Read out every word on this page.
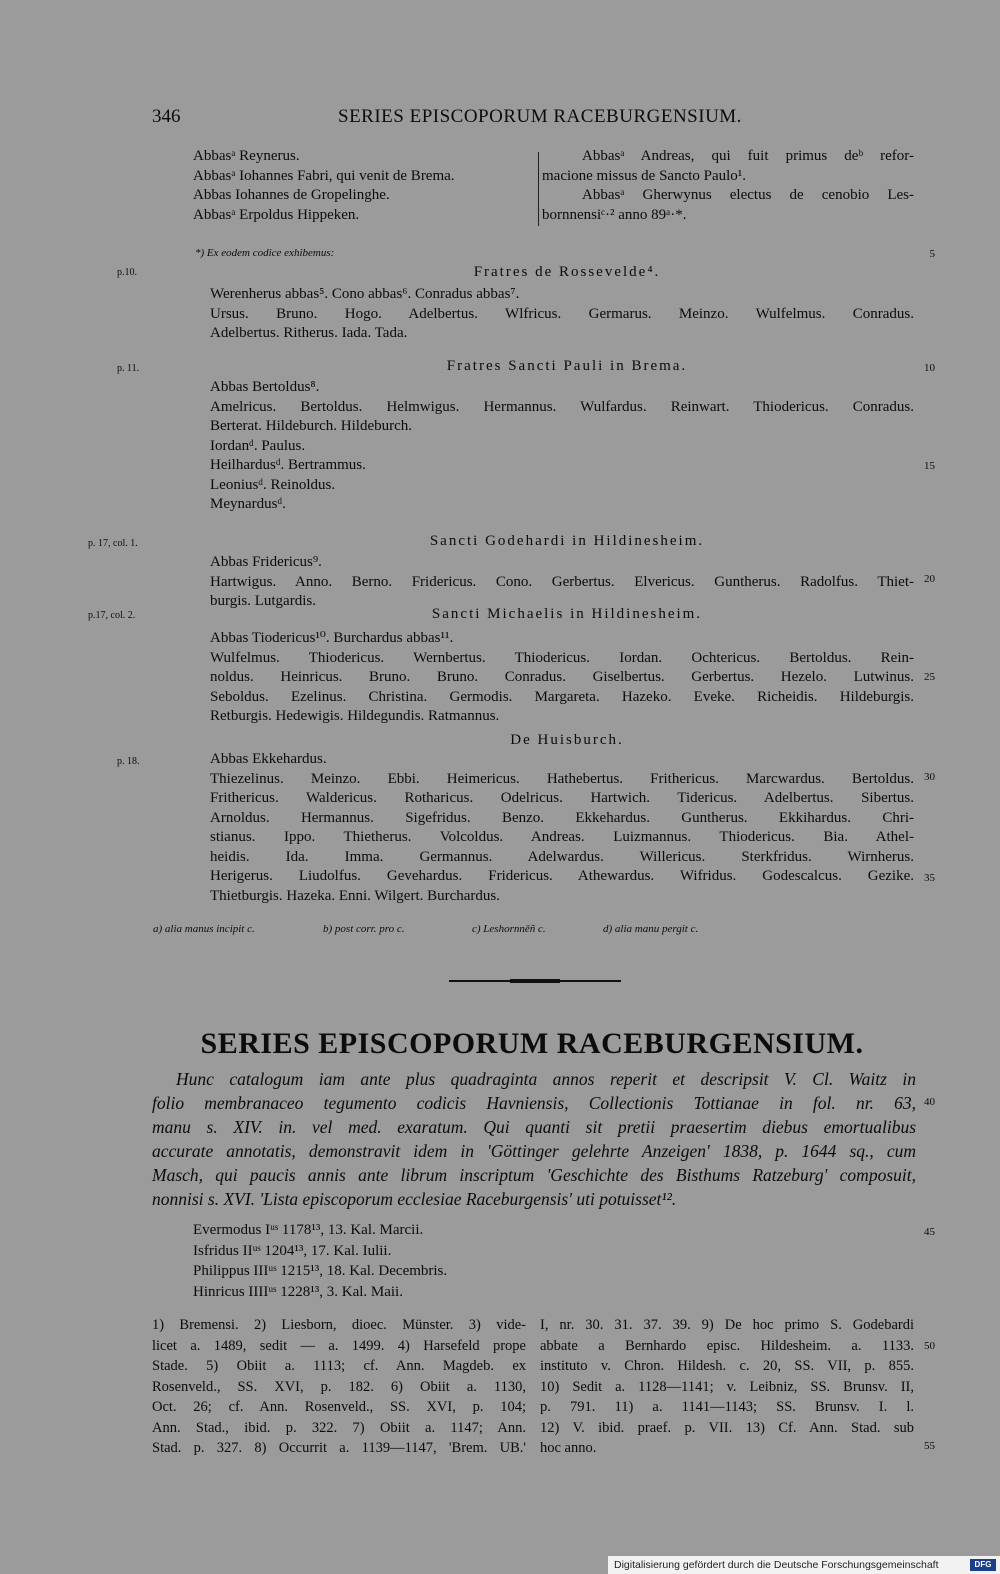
346	SERIES EPISCOPORUM RACEBURGENSIUM.
Abbasᵃ Reynerus.
Abbasᵃ Iohannes Fabri, qui venit de Brema.
Abbas Iohannes de Gropelinghe.
Abbasᵃ Erpoldus Hippeken.
Abbasᵃ Andreas, qui fuit primus deᵇ refor-
macione missus de Sancto Paulo¹.
Abbasᵃ Gherwynus electus de cenobio Les-
bornnensiᶜ·² anno 89ᵃ·*.
*) Ex eodem codice exhibemus:
p.10.	Fratres de Rossevelde⁴.
Werenherus abbas⁵. Cono abbas⁶. Conradus abbas⁷.
Ursus. Bruno. Hogo. Adelbertus. Wlfricus. Germarus. Meinzo. Wulfelmus. Conradus.
Adelbertus. Ritherus. Iada. Tada.
p. 11.	Fratres Sancti Pauli in Brema.
Abbas Bertoldus⁸.
Amelricus. Bertoldus. Helmwigus. Hermannus. Wulfardus. Reinwart. Thiodericus. Conradus.
Berterat. Hildeburch. Hildeburch.
Iordanᵈ. Paulus.
Heilhardusᵈ. Bertrammus.
Leoniusᵈ. Reinoldus.
Meynardusᵈ.
p. 17, col. 1.	Sancti Godehardi in Hildinesheim.
Abbas Fridericus⁹.
Hartwigus. Anno. Berno. Fridericus. Cono. Gerbertus. Elvericus. Guntherus. Radolfus. Thiet-
burgis. Lutgardis.
p.17, col. 2.	Sancti Michaelis in Hildinesheim.
Abbas Tiodericus¹⁰. Burchardus abbas¹¹.
Wulfelmus. Thiodericus. Wernbertus. Thiodericus. Iordan. Ochtericus. Bertoldus. Rein-
noldus. Heinricus. Bruno. Bruno. Conradus. Giselbertus. Gerbertus. Hezelo. Lutwinus.
Seboldus. Ezelinus. Christina. Germodis. Margareta. Hazeko. Eveke. Richeidis. Hildeburgis.
Retburgis. Hedewigis. Hildegundis. Ratmannus.
p. 18.
De Huisburch.
Abbas Ekkehardus.
Thiezelinus. Meinzo. Ebbi. Heimericus. Hathebertus. Frithericus. Marcwardus. Bertoldus.
Frithericus. Waldericus. Rotharicus. Odelricus. Hartwich. Tidericus. Adelbertus. Sibertus.
Arnoldus. Hermannus. Sigefridus. Benzo. Ekkehardus. Guntherus. Ekkihardus. Chri-
stianus. Ippo. Thietherus. Volcoldus. Andreas. Luizmannus. Thiodericus. Bia. Athel-
heidis. Ida. Imma. Germannus. Adelwardus. Willericus. Sterkfridus. Wirnherus.
Herigerus. Liudolfus. Gevehardus. Fridericus. Athewardus. Wifridus. Godescalcus. Gezike.
Thietburgis. Hazeka. Enni. Wilgert. Burchardus.
a) alia manus incipit c.	b) post corr. pro c.	c) Leshornnēñ c.	d) alia manu pergit c.
SERIES EPISCOPORUM RACEBURGENSIUM.
Hunc catalogum iam ante plus quadraginta annos reperit et descripsit V. Cl. Waitz in
folio membranaceo tegumento codicis Havniensis, Collectionis Tottianae in fol. nr. 63,
manu s. XIV. in. vel med. exaratum. Qui quanti sit pretii praesertim diebus emortualibus
accurate annotatis, demonstravit idem in 'Göttinger gelehrte Anzeigen' 1838, p. 1644 sq., cum
Masch, qui paucis annis ante librum inscriptum 'Geschichte des Bisthums Ratzeburg' composuit,
nonnisi s. XVI. 'Lista episcoporum ecclesiae Raceburgensis' uti potuisset¹².
Evermodus Iᵘˢ 1178¹³, 13. Kal. Marcii.
Isfridus IIᵘˢ 1204¹³, 17. Kal. Iulii.
Philippus IIIᵘˢ 1215¹³, 18. Kal. Decembris.
Hinricus IIIIᵘˢ 1228¹³, 3. Kal. Maii.
1) Bremensi. 2) Liesborn, dioec. Münster. 3) vide-
licet a. 1489, sedit — a. 1499. 4) Harsefeld prope
Stade. 5) Obiit a. 1113; cf. Ann. Magdeb. ex
Rosenveld., SS. XVI, p. 182. 6) Obiit a. 1130,
Oct. 26; cf. Ann. Rosenveld., SS. XVI, p. 104;
Ann. Stad., ibid. p. 322. 7) Obiit a. 1147; Ann.
Stad. p. 327. 8) Occurrit a. 1139—1147, 'Brem. UB.'
I, nr. 30. 31. 37. 39. 9) De hoc primo S. Godebardi
abbate a Bernhardo episc. Hildesheim. a. 1133.
instituto v. Chron. Hildesh. c. 20, SS. VII, p. 855.
10) Sedit a. 1128—1141; v. Leibniz, SS. Brunsv. II,
p. 791. 11) a. 1141—1143; SS. Brunsv. I. l.
12) V. ibid. praef. p. VII. 13) Cf. Ann. Stad. sub
hoc anno.
5
10
15
20
25
30
35
40
45
50
55
Digitalisierung gefördert durch die Deutsche Forschungsgemeinschaft	DFG
